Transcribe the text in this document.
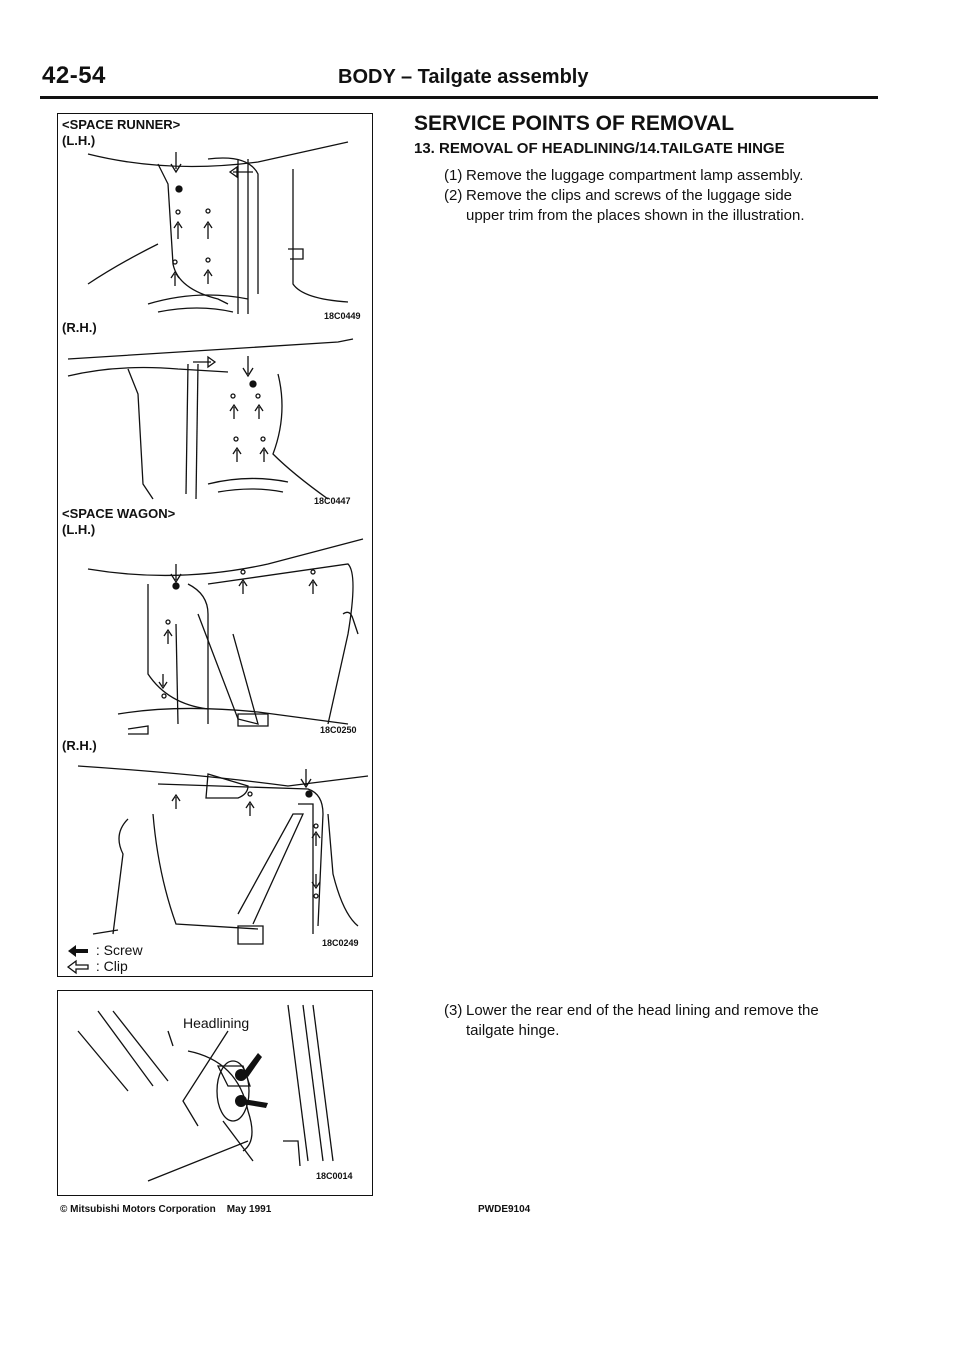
42-54	BODY – Tailgate assembly
<SPACE RUNNER>
(L.H.)
18C0449
(R.H.)
18C0447
<SPACE WAGON>
(L.H.)
18C0250
(R.H.)
18C0249
: Screw
: Clip
Headlining
18C0014
SERVICE POINTS OF REMOVAL
13. REMOVAL OF HEADLINING/14.TAILGATE HINGE
(1) Remove the luggage compartment lamp assembly.
(2) Remove the clips and screws of the luggage side
upper trim from the places shown in the illustration.
(3) Lower the rear end of the head lining and remove the
tailgate hinge.
© Mitsubishi Motors Corporation    May 1991	PWDE9104
